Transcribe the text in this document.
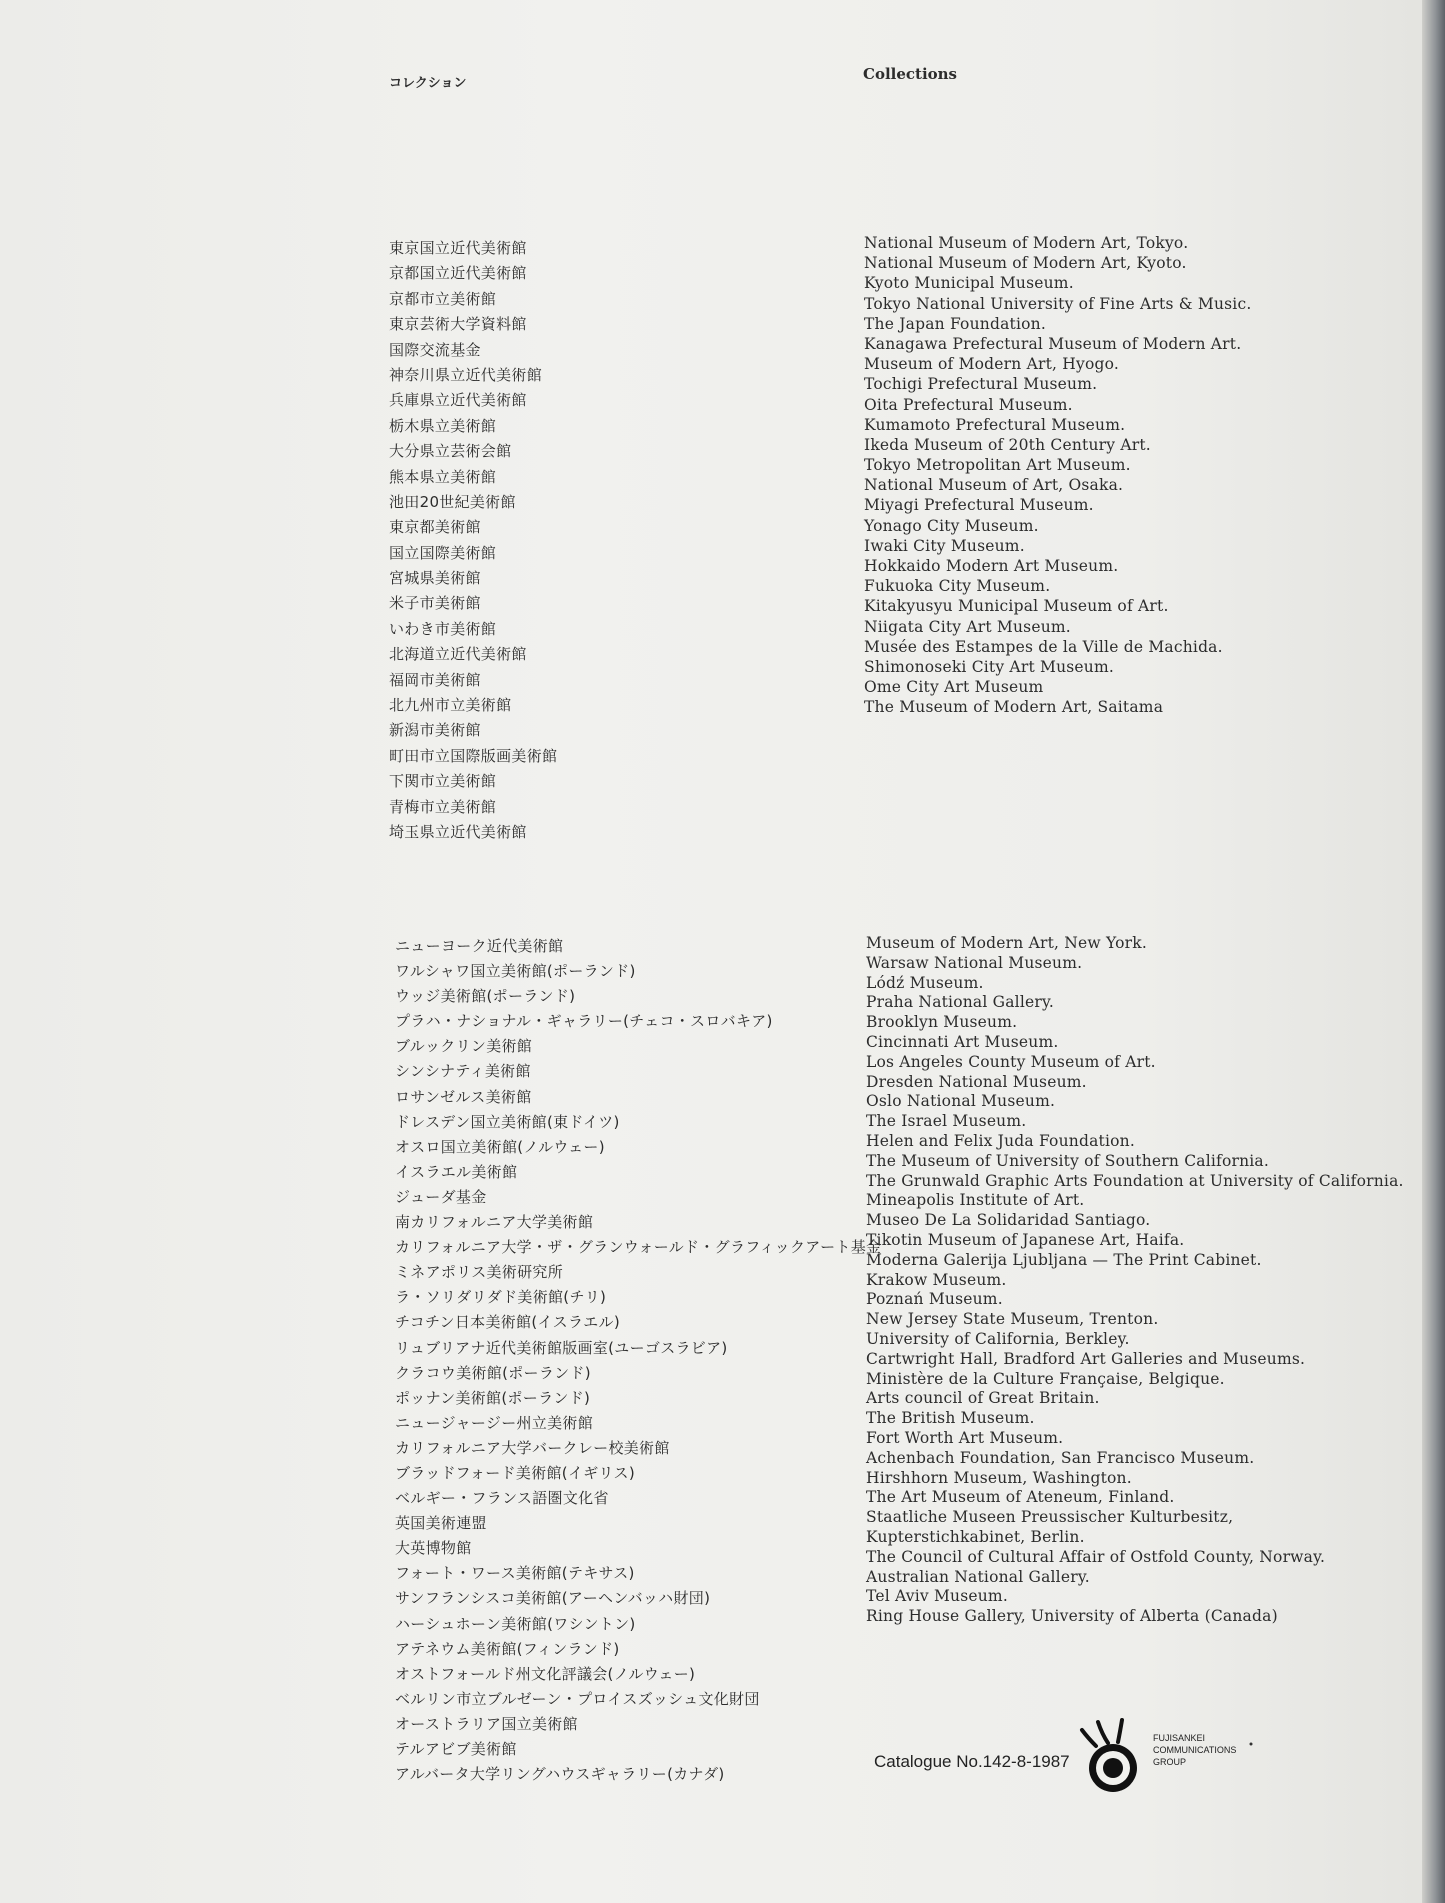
コレクション
Collections
東京国立近代美術館
京都国立近代美術館
京都市立美術館
東京芸術大学資料館
国際交流基金
神奈川県立近代美術館
兵庫県立近代美術館
栃木県立美術館
大分県立芸術会館
熊本県立美術館
池田20世紀美術館
東京都美術館
国立国際美術館
宮城県美術館
米子市美術館
いわき市美術館
北海道立近代美術館
福岡市美術館
北九州市立美術館
新潟市美術館
町田市立国際版画美術館
下関市立美術館
青梅市立美術館
埼玉県立近代美術館
National Museum of Modern Art, Tokyo.
National Museum of Modern Art, Kyoto.
Kyoto Municipal Museum.
Tokyo National University of Fine Arts & Music.
The Japan Foundation.
Kanagawa Prefectural Museum of Modern Art.
Museum of Modern Art, Hyogo.
Tochigi Prefectural Museum.
Oita Prefectural Museum.
Kumamoto Prefectural Museum.
Ikeda Museum of 20th Century Art.
Tokyo Metropolitan Art Museum.
National Museum of Art, Osaka.
Miyagi Prefectural Museum.
Yonago City Museum.
Iwaki City Museum.
Hokkaido Modern Art Museum.
Fukuoka City Museum.
Kitakyusyu Municipal Museum of Art.
Niigata City Art Museum.
Musée des Estampes de la Ville de Machida.
Shimonoseki City Art Museum.
Ome City Art Museum
The Museum of Modern Art, Saitama
ニューヨーク近代美術館
ワルシャワ国立美術館(ポーランド)
ウッジ美術館(ポーランド)
プラハ・ナショナル・ギャラリー(チェコ・スロバキア)
ブルックリン美術館
シンシナティ美術館
ロサンゼルス美術館
ドレスデン国立美術館(東ドイツ)
オスロ国立美術館(ノルウェー)
イスラエル美術館
ジューダ基金
南カリフォルニア大学美術館
カリフォルニア大学・ザ・グランウォールド・グラフィックアート基金
ミネアポリス美術研究所
ラ・ソリダリダド美術館(チリ)
チコチン日本美術館(イスラエル)
リュブリアナ近代美術館版画室(ユーゴスラビア)
クラコウ美術館(ポーランド)
ポッナン美術館(ポーランド)
ニュージャージー州立美術館
カリフォルニア大学バークレー校美術館
ブラッドフォード美術館(イギリス)
ベルギー・フランス語圏文化省
英国美術連盟
大英博物館
フォート・ワース美術館(テキサス)
サンフランシスコ美術館(アーヘンバッハ財団)
ハーシュホーン美術館(ワシントン)
アテネウム美術館(フィンランド)
オストフォールド州文化評議会(ノルウェー)
ベルリン市立ブルゼーン・プロイスズッシュ文化財団
オーストラリア国立美術館
テルアビブ美術館
アルバータ大学リングハウスギャラリー(カナダ)
Museum of Modern Art, New York.
Warsaw National Museum.
Lódź Museum.
Praha National Gallery.
Brooklyn Museum.
Cincinnati Art Museum.
Los Angeles County Museum of Art.
Dresden National Museum.
Oslo National Museum.
The Israel Museum.
Helen and Felix Juda Foundation.
The Museum of University of Southern California.
The Grunwald Graphic Arts Foundation at University of California.
Mineapolis Institute of Art.
Museo De La Solidaridad Santiago.
Tikotin Museum of Japanese Art, Haifa.
Moderna Galerija Ljubljana — The Print Cabinet.
Krakow Museum.
Poznań Museum.
New Jersey State Museum, Trenton.
University of California, Berkley.
Cartwright Hall, Bradford Art Galleries and Museums.
Ministère de la Culture Française, Belgique.
Arts council of Great Britain.
The British Museum.
Fort Worth Art Museum.
Achenbach Foundation, San Francisco Museum.
Hirshhorn Museum, Washington.
The Art Museum of Ateneum, Finland.
Staatliche Museen Preussischer Kulturbesitz,
Kupterstichkabinet, Berlin.
The Council of Cultural Affair of Ostfold County, Norway.
Australian National Gallery.
Tel Aviv Museum.
Ring House Gallery, University of Alberta (Canada)
Catalogue No.142-8-1987
FUJISANKEI
COMMUNICATIONS
GROUP
